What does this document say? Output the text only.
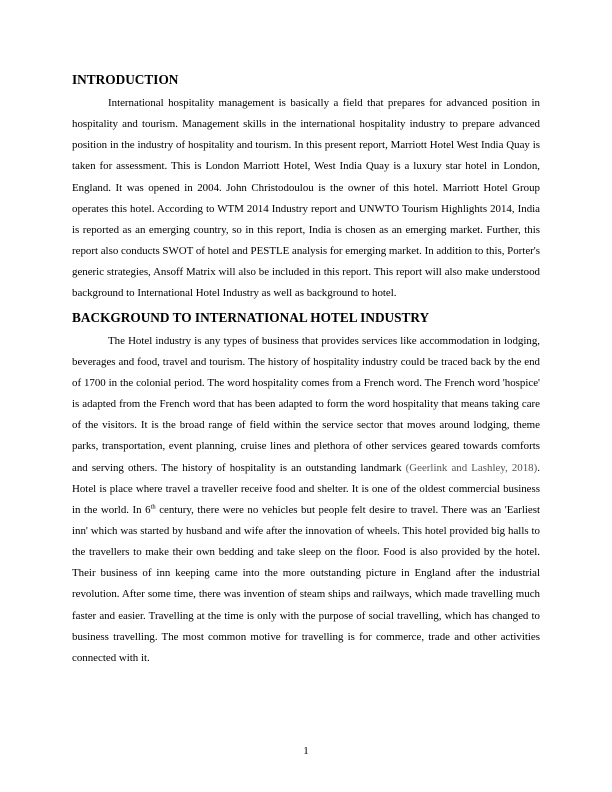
INTRODUCTION

International hospitality management is basically a field that prepares for advanced position in hospitality and tourism. Management skills in the international hospitality industry to prepare advanced position in the industry of hospitality and tourism. In this present report, Marriott Hotel West India Quay is taken for assessment. This is London Marriott Hotel, West India Quay is a luxury star hotel in London, England. It was opened in 2004. John Christodoulou is the owner of this hotel. Marriott Hotel Group operates this hotel. According to WTM 2014 Industry report and UNWTO Tourism Highlights 2014, India is reported as an emerging country, so in this report, India is chosen as an emerging market. Further, this report also conducts SWOT of hotel and PESTLE analysis for emerging market. In addition to this, Porter's generic strategies, Ansoff Matrix will also be included in this report. This report will also make understood background to International Hotel Industry as well as background to hotel.

BACKGROUND TO INTERNATIONAL HOTEL INDUSTRY

The Hotel industry is any types of business that provides services like accommodation in lodging, beverages and food, travel and tourism. The history of hospitality industry could be traced back by the end of 1700 in the colonial period. The word hospitality comes from a French word. The French word 'hospice' is adapted from the French word that has been adapted to form the word hospitality that means taking care of the visitors. It is the broad range of field within the service sector that moves around lodging, theme parks, transportation, event planning, cruise lines and plethora of other services geared towards comforts and serving others. The history of hospitality is an outstanding landmark (Geerlink and Lashley, 2018). Hotel is place where travel a traveller receive food and shelter. It is one of the oldest commercial business in the world. In 6th century, there were no vehicles but people felt desire to travel. There was an 'Earliest inn' which was started by husband and wife after the innovation of wheels. This hotel provided big halls to the travellers to make their own bedding and take sleep on the floor. Food is also provided by the hotel. Their business of inn keeping came into the more outstanding picture in England after the industrial revolution. After some time, there was invention of steam ships and railways, which made travelling much faster and easier. Travelling at the time is only with the purpose of social travelling, which has changed to business travelling. The most common motive for travelling is for commerce, trade and other activities connected with it.

1
